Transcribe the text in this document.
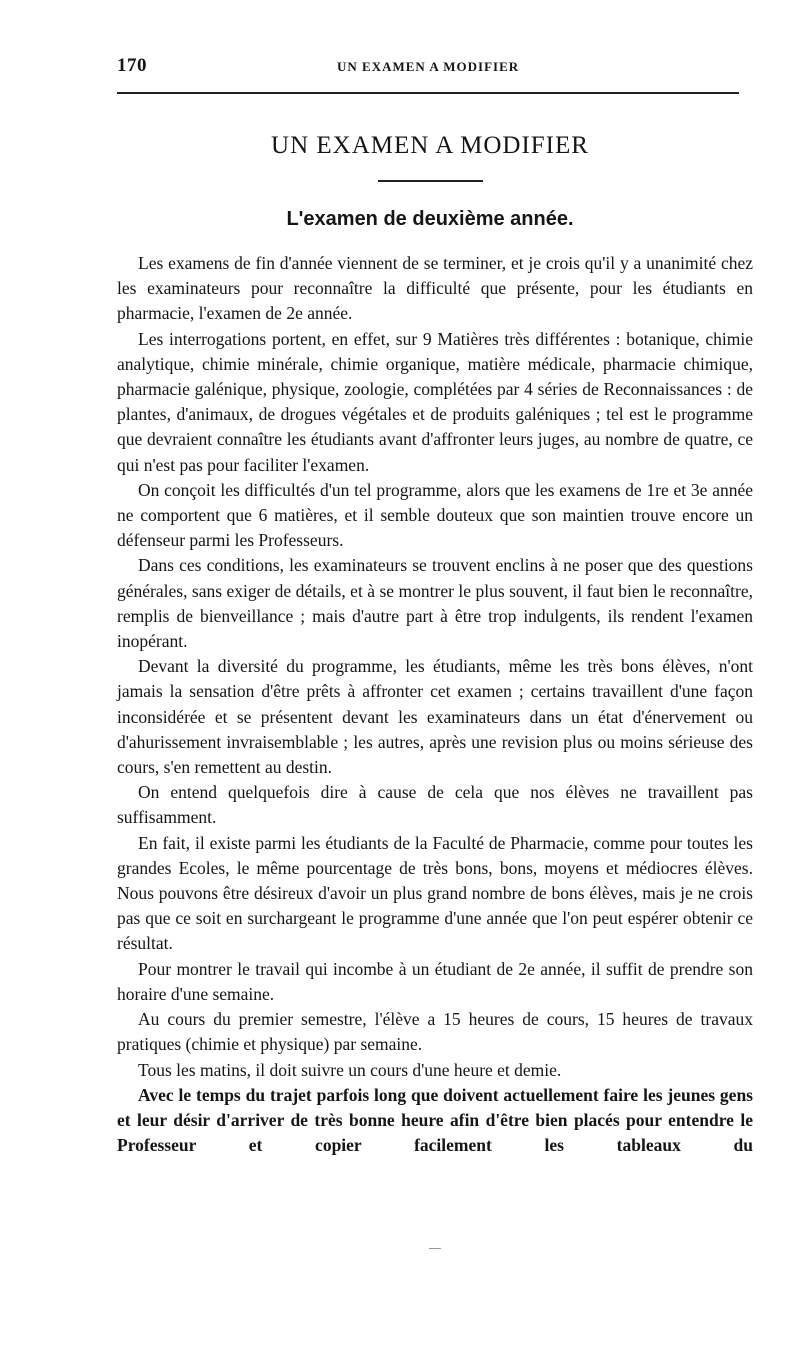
170	UN EXAMEN A MODIFIER
UN EXAMEN A MODIFIER
L'examen de deuxième année.

Les examens de fin d'année viennent de se terminer, et je crois qu'il y a unanimité chez les examinateurs pour reconnaître la difficulté que présente, pour les étudiants en pharmacie, l'examen de 2e année.

Les interrogations portent, en effet, sur 9 Matières très différentes : botanique, chimie analytique, chimie minérale, chimie organique, matière médicale, pharmacie chimique, pharmacie galénique, physique, zoologie, complétées par 4 séries de Reconnaissances : de plantes, d'animaux, de drogues végétales et de produits galéniques ; tel est le programme que devraient connaître les étudiants avant d'affronter leurs juges, au nombre de quatre, ce qui n'est pas pour faciliter l'examen.

On conçoit les difficultés d'un tel programme, alors que les examens de 1re et 3e année ne comportent que 6 matières, et il semble douteux que son maintien trouve encore un défenseur parmi les Professeurs.

Dans ces conditions, les examinateurs se trouvent enclins à ne poser que des questions générales, sans exiger de détails, et à se montrer le plus souvent, il faut bien le reconnaître, remplis de bienveillance ; mais d'autre part à être trop indulgents, ils rendent l'examen inopérant.

Devant la diversité du programme, les étudiants, même les très bons élèves, n'ont jamais la sensation d'être prêts à affronter cet examen ; certains travaillent d'une façon inconsidérée et se présentent devant les examinateurs dans un état d'énervement ou d'ahurissement invraisemblable ; les autres, après une revision plus ou moins sérieuse des cours, s'en remettent au destin.

On entend quelquefois dire à cause de cela que nos élèves ne travaillent pas suffisamment.

En fait, il existe parmi les étudiants de la Faculté de Pharmacie, comme pour toutes les grandes Ecoles, le même pourcentage de très bons, bons, moyens et médiocres élèves. Nous pouvons être désireux d'avoir un plus grand nombre de bons élèves, mais je ne crois pas que ce soit en surchargeant le programme d'une année que l'on peut espérer obtenir ce résultat.

Pour montrer le travail qui incombe à un étudiant de 2e année, il suffit de prendre son horaire d'une semaine.

Au cours du premier semestre, l'élève a 15 heures de cours, 15 heures de travaux pratiques (chimie et physique) par semaine.

Tous les matins, il doit suivre un cours d'une heure et demie.

Avec le temps du trajet parfois long que doivent actuellement faire les jeunes gens et leur désir d'arriver de très bonne heure afin d'être bien placés pour entendre le Professeur et copier facilement les tableaux du
